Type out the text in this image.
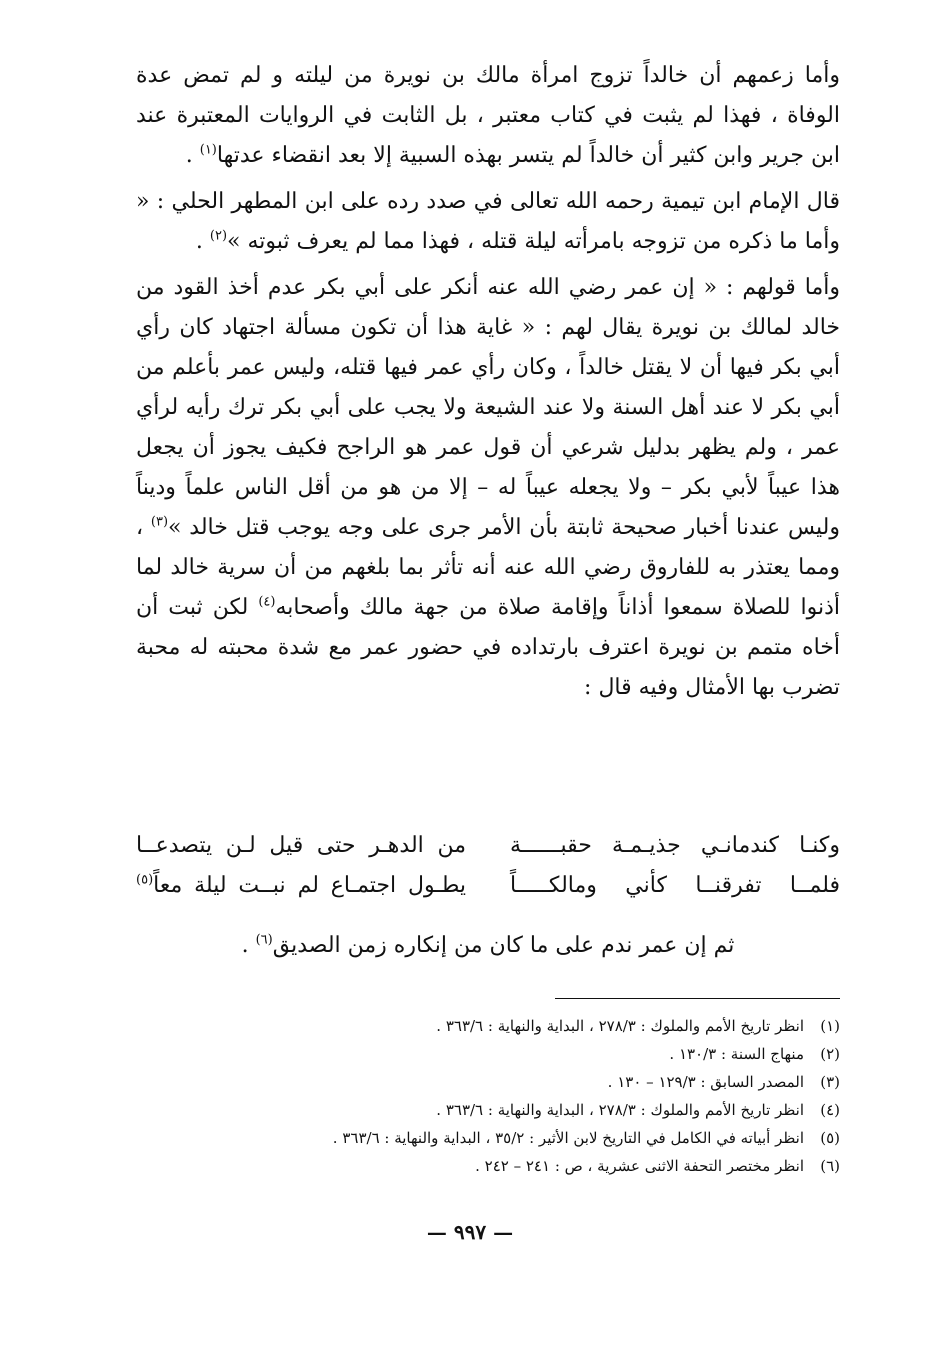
وأما زعمهم أن خالداً تزوج امرأة مالك بن نويرة من ليلته و لم تمض عدة الوفاة ، فهذا لم يثبت في كتاب معتبر ، بل الثابت في الروايات المعتبرة عند ابن جرير وابن كثير أن خالداً لم يتسر بهذه السبية إلا بعد انقضاء عدتها$^{(١)}$ .

قال الإمام ابن تيمية رحمه الله تعالى في صدد رده على ابن المطهر الحلي : « وأما ما ذكره من تزوجه بامرأته ليلة قتله ، فهذا مما لم يعرف ثبوته »$^{(٢)}$ .

وأما قولهم : « إن عمر رضي الله عنه أنكر على أبي بكر عدم أخذ القود من خالد لمالك بن نويرة يقال لهم : « غاية هذا أن تكون مسألة اجتهاد كان رأي أبي بكر فيها أن لا يقتل خالداً ، وكان رأي عمر فيها قتله، وليس عمر بأعلم من أبي بكر لا عند أهل السنة ولا عند الشيعة ولا يجب على أبي بكر ترك رأيه لرأي عمر ، ولم يظهر بدليل شرعي أن قول عمر هو الراجح فكيف يجوز أن يجعل هذا عيباً لأبي بكر – ولا يجعله عيباً له – إلا من هو من أقل الناس علماً وديناً وليس عندنا أخبار صحيحة ثابتة بأن الأمر جرى على وجه يوجب قتل خالد »$^{(٣)}$ ، ومما يعتذر به للفاروق رضي الله عنه أنه تأثر بما بلغهم من أن سرية خالد لما أذنوا للصلاة سمعوا أذاناً وإقامة صلاة من جهة مالك وأصحابه$^{(٤)}$ لكن ثبت أن أخاه متمم بن نويرة اعترف بارتداده في حضور عمر مع شدة محبته له محبة تضرب بها الأمثال وفيه قال :

وكنـا كندمانـي جذيـمـة حقبــــــة
من الدهـر حتى قيل لـن يتصدعــا
فلمــا تفرقنــا كأني ومالكـــــاً
يطـول اجتمـاع لم نبــت ليلة معاً$^{(٥)}$
ثم إن عمر ندم على ما كان من إنكاره زمن الصديق$^{(٦)}$ .
(١)انظر تاريخ الأمم والملوك : ٢٧٨/٣ ، البداية والنهاية : ٣٦٣/٦ .
(٢)منهاج السنة : ١٣٠/٣ .
(٣)المصدر السابق : ١٢٩/٣ – ١٣٠ .
(٤)انظر تاريخ الأمم والملوك : ٢٧٨/٣ ، البداية والنهاية : ٣٦٣/٦ .
(٥)انظر أبياته في الكامل في التاريخ لابن الأثير : ٣٥/٢ ، البداية والنهاية : ٣٦٣/٦ .
(٦)انظر مختصر التحفة الاثنى عشرية ، ص : ٢٤١ – ٢٤٢ .
— ٩٩٧ —
